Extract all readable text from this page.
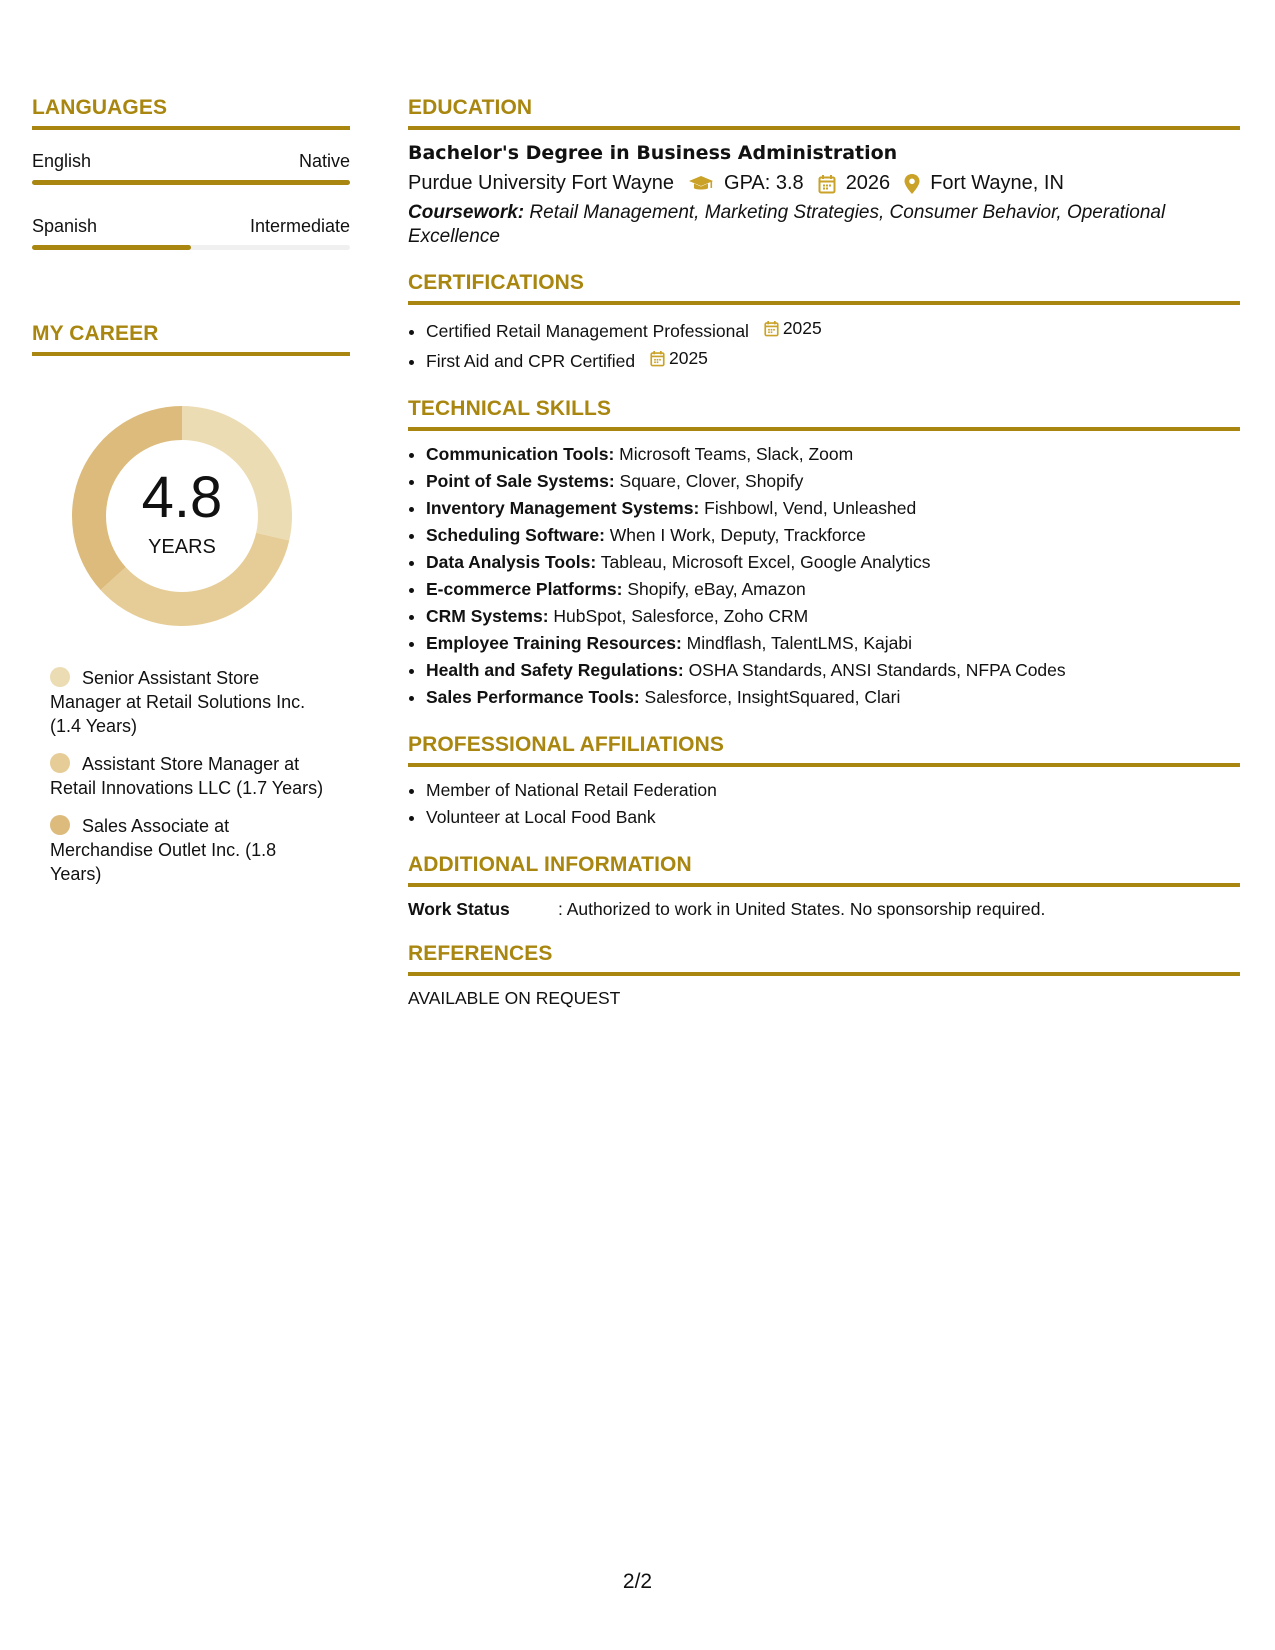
LANGUAGES
English	Native
Spanish	Intermediate
MY CAREER
4.8
YEARS
Senior Assistant Store Manager at Retail Solutions Inc. (1.4 Years)
Assistant Store Manager at Retail Innovations LLC (1.7 Years)
Sales Associate at Merchandise Outlet Inc. (1.8 Years)
EDUCATION
Bachelor's Degree in Business Administration
Purdue University Fort Wayne	GPA: 3.8 2026 Fort Wayne, IN
Coursework: Retail Management, Marketing Strategies, Consumer Behavior, Operational Excellence
CERTIFICATIONS
• Certified Retail Management Professional 2025
• First Aid and CPR Certified 2025
TECHNICAL SKILLS
• Communication Tools: Microsoft Teams, Slack, Zoom
• Point of Sale Systems: Square, Clover, Shopify
• Inventory Management Systems: Fishbowl, Vend, Unleashed
• Scheduling Software: When I Work, Deputy, Trackforce
• Data Analysis Tools: Tableau, Microsoft Excel, Google Analytics
• E-commerce Platforms: Shopify, eBay, Amazon
• CRM Systems: HubSpot, Salesforce, Zoho CRM
• Employee Training Resources: Mindflash, TalentLMS, Kajabi
• Health and Safety Regulations: OSHA Standards, ANSI Standards, NFPA Codes
• Sales Performance Tools: Salesforce, InsightSquared, Clari
PROFESSIONAL AFFILIATIONS
• Member of National Retail Federation
• Volunteer at Local Food Bank
ADDITIONAL INFORMATION
Work Status	: Authorized to work in United States. No sponsorship required.
REFERENCES
AVAILABLE ON REQUEST
2/2
